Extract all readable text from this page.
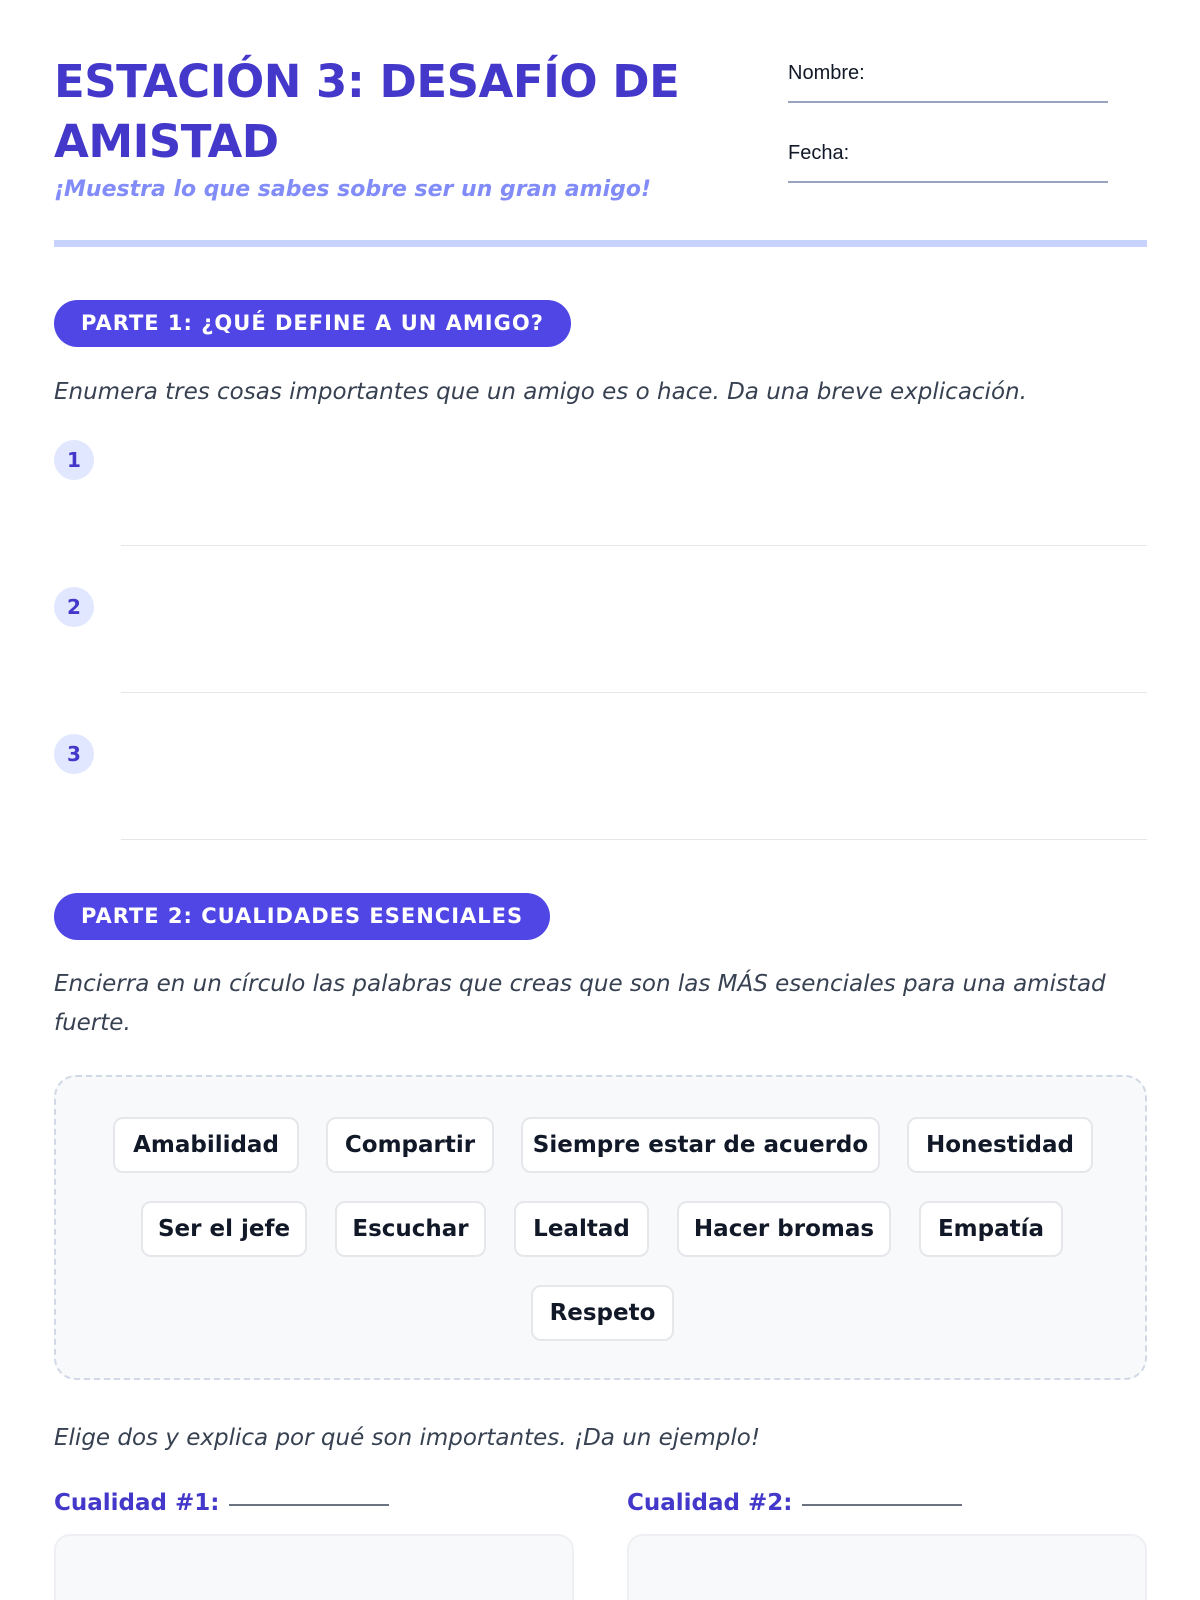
ESTACIÓN 3: DESAFÍO DE AMISTAD
¡Muestra lo que sabes sobre ser un gran amigo!
Nombre:
Fecha:
PARTE 1: ¿QUÉ DEFINE A UN AMIGO?
Enumera tres cosas importantes que un amigo es o hace. Da una breve explicación.
1
2
3
PARTE 2: CUALIDADES ESENCIALES
Encierra en un círculo las palabras que creas que son las MÁS esenciales para una amistad fuerte.
Amabilidad	Compartir	Siempre estar de acuerdo	Honestidad
Ser el jefe	Escuchar	Lealtad	Hacer bromas	Empatía
Respeto
Elige dos y explica por qué son importantes. ¡Da un ejemplo!
Cualidad #1:	Cualidad #2:
